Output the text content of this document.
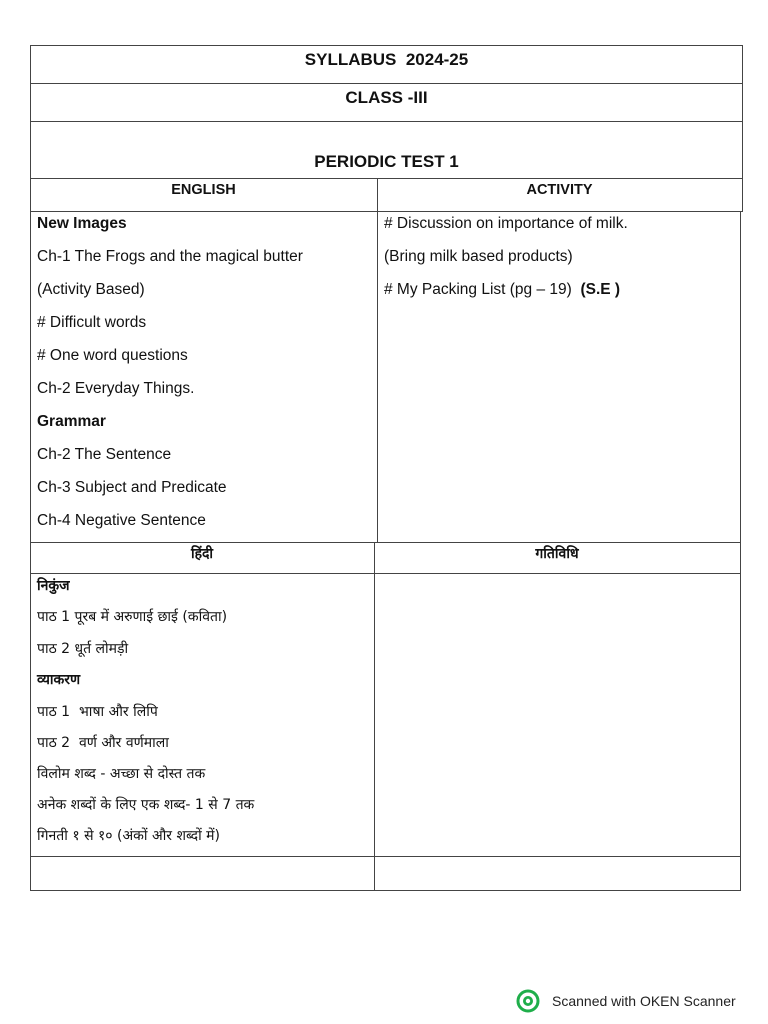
SYLLABUS  2024-25
CLASS -III
PERIODIC TEST 1
ENGLISH	ACTIVITY
New Images
Ch-1 The Frogs and the magical butter
(Activity Based)
# Difficult words
# One word questions
Ch-2 Everyday Things.
Grammar
Ch-2 The Sentence
Ch-3 Subject and Predicate
Ch-4 Negative Sentence
# Discussion on importance of milk.
(Bring milk based products)
# My Packing List (pg – 19) (S.E )
हिंदी	गतिविधि
निकुंज
पाठ 1 पूरब में अरुणाई छाई (कविता)
पाठ 2 धूर्त लोमड़ी
व्याकरण
पाठ 1  भाषा और लिपि
पाठ 2  वर्ण और वर्णमाला
विलोम शब्द - अच्छा से दोस्त तक
अनेक शब्दों के लिए एक शब्द- 1 से 7 तक
गिनती १ से १० (अंकों और शब्दों में)
Scanned with OKEN Scanner
